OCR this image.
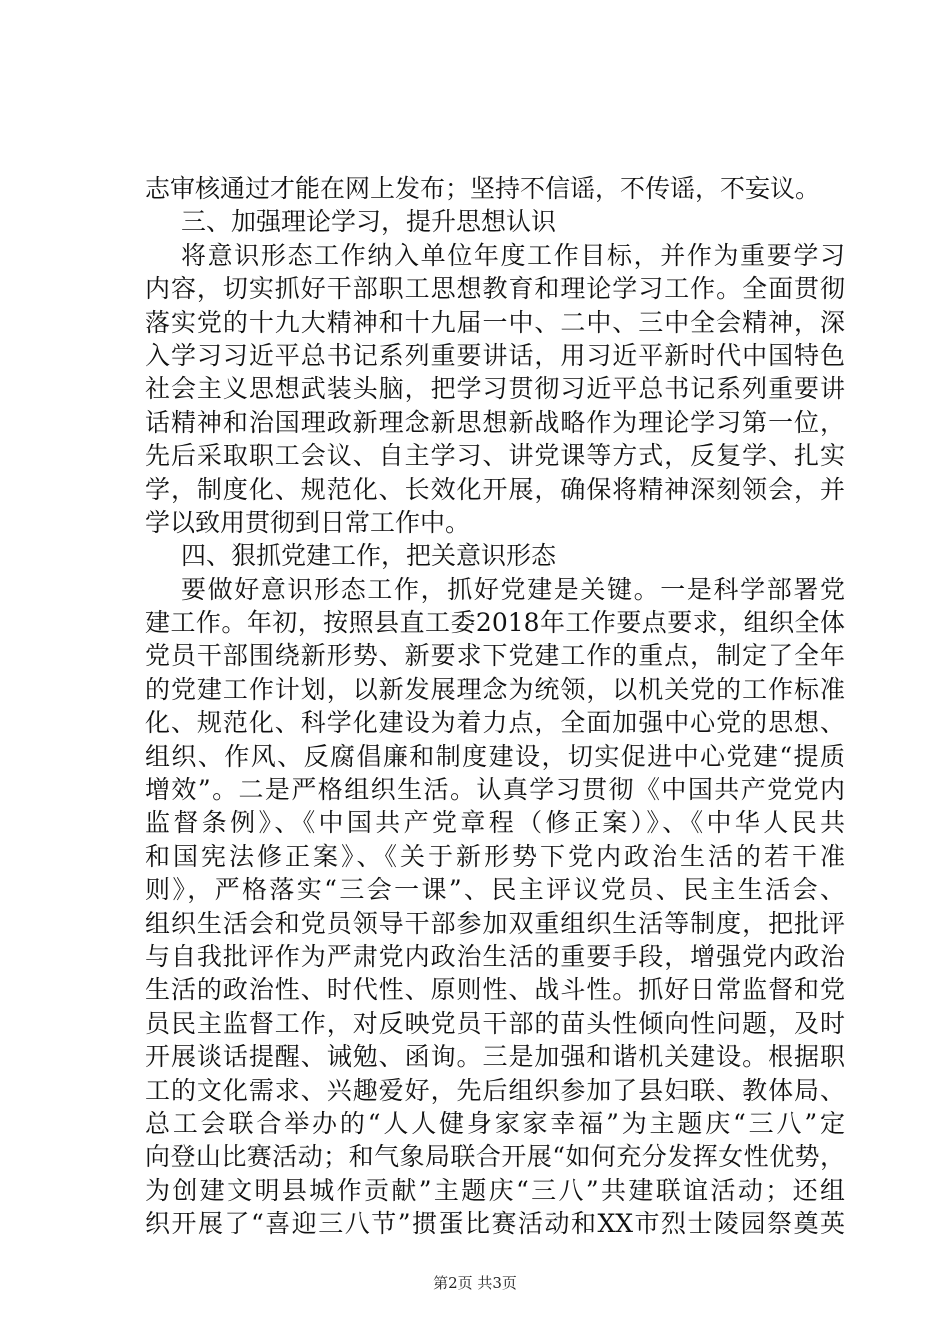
志审核通过才能在网上发布；坚持不信谣，不传谣，不妄议。
三、加强理论学习，提升思想认识
将意识形态工作纳入单位年度工作目标，并作为重要学习
内容，切实抓好干部职工思想教育和理论学习工作。全面贯彻
落实党的十九大精神和十九届一中、二中、三中全会精神，深
入学习习近平总书记系列重要讲话，用习近平新时代中国特色
社会主义思想武装头脑，把学习贯彻习近平总书记系列重要讲
话精神和治国理政新理念新思想新战略作为理论学习第一位，
先后采取职工会议、自主学习、讲党课等方式，反复学、扎实
学，制度化、规范化、长效化开展，确保将精神深刻领会，并
学以致用贯彻到日常工作中。
四、狠抓党建工作，把关意识形态
要做好意识形态工作，抓好党建是关键。一是科学部署党
建工作。年初，按照县直工委2018年工作要点要求，组织全体
党员干部围绕新形势、新要求下党建工作的重点，制定了全年
的党建工作计划，以新发展理念为统领，以机关党的工作标准
化、规范化、科学化建设为着力点，全面加强中心党的思想、
组织、作风、反腐倡廉和制度建设，切实促进中心党建“提质
增效”。二是严格组织生活。认真学习贯彻《中国共产党党内
监督条例》、《中国共产党章程（修正案）》、《中华人民共
和国宪法修正案》、《关于新形势下党内政治生活的若干准
则》，严格落实“三会一课”、民主评议党员、民主生活会、
组织生活会和党员领导干部参加双重组织生活等制度，把批评
与自我批评作为严肃党内政治生活的重要手段，增强党内政治
生活的政治性、时代性、原则性、战斗性。抓好日常监督和党
员民主监督工作，对反映党员干部的苗头性倾向性问题，及时
开展谈话提醒、诫勉、函询。三是加强和谐机关建设。根据职
工的文化需求、兴趣爱好，先后组织参加了县妇联、教体局、
总工会联合举办的“人人健身家家幸福”为主题庆“三八”定
向登山比赛活动；和气象局联合开展“如何充分发挥女性优势，
为创建文明县城作贡献”主题庆“三八”共建联谊活动；还组
织开展了“喜迎三八节”掼蛋比赛活动和XX市烈士陵园祭奠英
第2页 共3页
